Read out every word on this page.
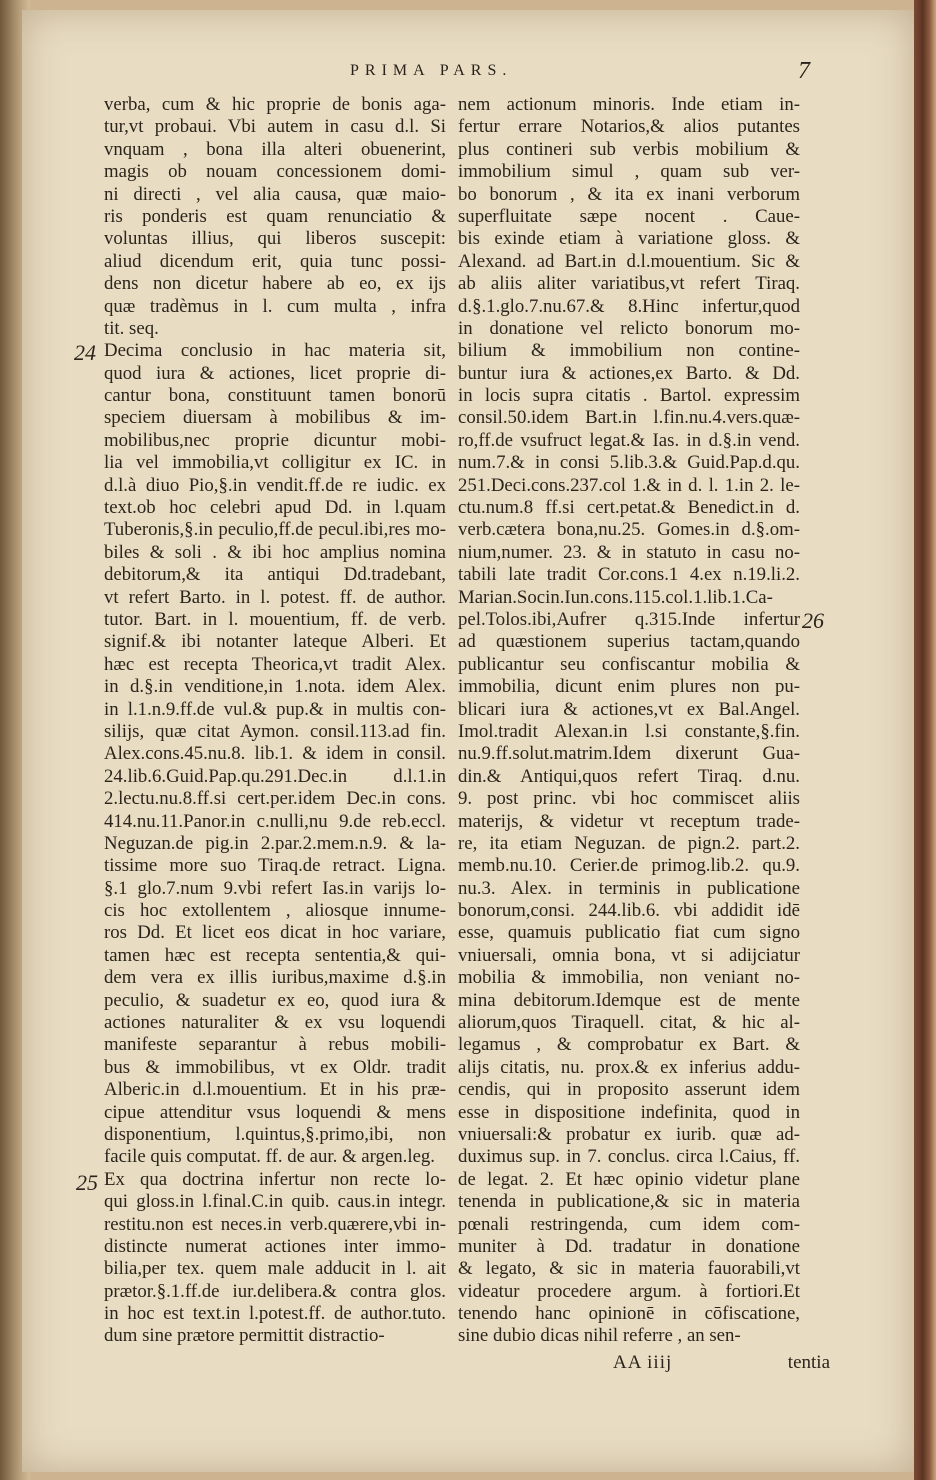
PRIMA PARS.	7
verba, cum & hic proprie de bonis aga-
tur,vt probaui. Vbi autem in casu d.l. Si
vnquam , bona illa alteri obuenerint,
magis ob nouam concessionem domi-
ni directi , vel alia causa, quæ maio-
ris ponderis est quam renunciatio &
voluntas illius, qui liberos suscepit:
aliud dicendum erit, quia tunc possi-
dens non dicetur habere ab eo, ex ijs
quæ tradèmus in l. cum multa , infra
tit. seq.
Decima conclusio in hac materia sit,
quod iura & actiones, licet proprie di-
cantur bona, constituunt tamen bonorū
speciem diuersam à mobilibus & im-
mobilibus,nec proprie dicuntur mobi-
lia vel immobilia,vt colligitur ex IC. in
d.l.à diuo Pio,§.in vendit.ff.de re iudic. ex
text.ob hoc celebri apud Dd. in l.quam
Tuberonis,§.in peculio,ff.de pecul.ibi,res mo-
biles & soli . & ibi hoc amplius nomina
debitorum,& ita antiqui Dd.tradebant,
vt refert Barto. in l. potest. ff. de author.
tutor. Bart. in l. mouentium, ff. de verb.
signif.& ibi notanter lateque Alberi. Et
hæc est recepta Theorica,vt tradit Alex.
in d.§.in venditione,in 1.nota. idem Alex.
in l.1.n.9.ff.de vul.& pup.& in multis con-
silijs, quæ citat Aymon. consil.113.ad fin.
Alex.cons.45.nu.8. lib.1. & idem in consil.
24.lib.6.Guid.Pap.qu.291.Dec.in d.l.1.in
2.lectu.nu.8.ff.si cert.per.idem Dec.in cons.
414.nu.11.Panor.in c.nulli,nu 9.de reb.eccl.
Neguzan.de pig.in 2.par.2.mem.n.9. & la-
tissime more suo Tiraq.de retract. Ligna.
§.1 glo.7.num 9.vbi refert Ias.in varijs lo-
cis hoc extollentem , aliosque innume-
ros Dd. Et licet eos dicat in hoc variare,
tamen hæc est recepta sententia,& qui-
dem vera ex illis iuribus,maxime d.§.in
peculio, & suadetur ex eo, quod iura &
actiones naturaliter & ex vsu loquendi
manifeste separantur à rebus mobili-
bus & immobilibus, vt ex Oldr. tradit
Alberic.in d.l.mouentium. Et in his præ-
cipue attenditur vsus loquendi & mens
disponentium, l.quintus,§.primo,ibi, non
facile quis computat. ff. de aur. & argen.leg.
Ex qua doctrina infertur non recte lo-
qui gloss.in l.final.C.in quib. caus.in integr.
restitu.non est neces.in verb.quærere,vbi in-
distincte numerat actiones inter immo-
bilia,per tex. quem male adducit in l. ait
prætor.§.1.ff.de iur.delibera.& contra glos.
in hoc est text.in l.potest.ff. de author.tuto.
dum sine prætore permittit distractio-
nem actionum minoris. Inde etiam in-
fertur errare Notarios,& alios putantes
plus contineri sub verbis mobilium &
immobilium simul , quam sub ver-
bo bonorum , & ita ex inani verborum
superfluitate sæpe nocent . Caue-
bis exinde etiam à variatione gloss. &
Alexand. ad Bart.in d.l.mouentium. Sic &
ab aliis aliter variatibus,vt refert Tiraq.
d.§.1.glo.7.nu.67.& 8.Hinc infertur,quod
in donatione vel relicto bonorum mo-
bilium & immobilium non contine-
buntur iura & actiones,ex Barto. & Dd.
in locis supra citatis . Bartol. expressim
consil.50.idem Bart.in l.fin.nu.4.vers.quæ-
ro,ff.de vsufruct legat.& Ias. in d.§.in vend.
num.7.& in consi 5.lib.3.& Guid.Pap.d.qu.
251.Deci.cons.237.col 1.& in d. l. 1.in 2. le-
ctu.num.8 ff.si cert.petat.& Benedict.in d.
verb.cætera bona,nu.25. Gomes.in d.§.om-
nium,numer. 23. & in statuto in casu no-
tabili late tradit Cor.cons.1 4.ex n.19.li.2.
Marian.Socin.Iun.cons.115.col.1.lib.1.Ca-
pel.Tolos.ibi,Aufrer q.315.Inde infertur
ad quæstionem superius tactam,quando
publicantur seu confiscantur mobilia &
immobilia, dicunt enim plures non pu-
blicari iura & actiones,vt ex Bal.Angel.
Imol.tradit Alexan.in l.si constante,§.fin.
nu.9.ff.solut.matrim.Idem dixerunt Gua-
din.& Antiqui,quos refert Tiraq. d.nu.
9. post princ. vbi hoc commiscet aliis
materijs, & videtur vt receptum trade-
re, ita etiam Neguzan. de pign.2. part.2.
memb.nu.10. Cerier.de primog.lib.2. qu.9.
nu.3. Alex. in terminis in publicatione
bonorum,consi. 244.lib.6. vbi addidit idē
esse, quamuis publicatio fiat cum signo
vniuersali, omnia bona, vt si adijciatur
mobilia & immobilia, non veniant no-
mina debitorum.Idemque est de mente
aliorum,quos Tiraquell. citat, & hic al-
legamus , & comprobatur ex Bart. &
alijs citatis, nu. prox.& ex inferius addu-
cendis, qui in proposito asserunt idem
esse in dispositione indefinita, quod in
vniuersali:& probatur ex iurib. quæ ad-
duximus sup. in 7. conclus. circa l.Caius, ff.
de legat. 2. Et hæc opinio videtur plane
tenenda in publicatione,& sic in materia
pœnali restringenda, cum idem com-
muniter à Dd. tradatur in donatione
& legato, & sic in materia fauorabili,vt
videatur procedere argum. à fortiori.Et
tenendo hanc opinionē in cōfiscatione,
sine dubio dicas nihil referre , an sen-
24
25
26
AA iiij	tentia
